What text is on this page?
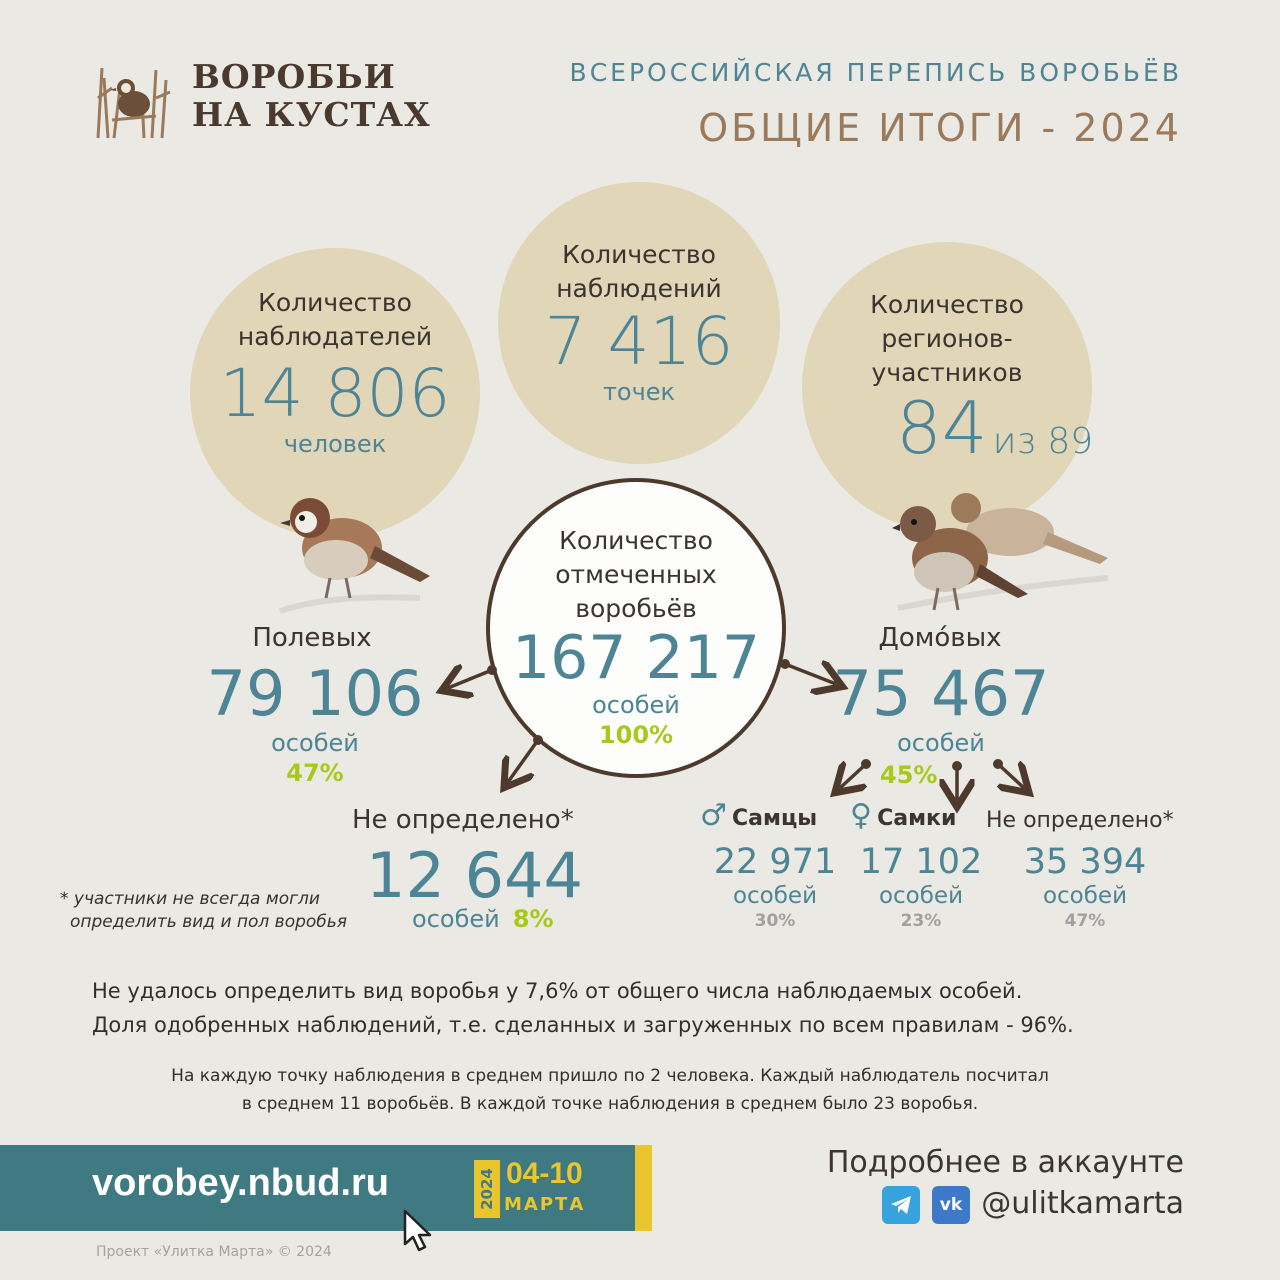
ВОРОБЬИ
НА КУСТАХ
ВСЕРОССИЙСКАЯ ПЕРЕПИСЬ ВОРОБЬЁВ
ОБЩИЕ ИТОГИ - 2024
Количество
наблюдателей
14 806
человек
Количество
наблюдений
7 416
точек
Количество
регионов-
участников
84 из 89
Количество
отмеченных
воробьёв
167 217
особей
100%
Полевых
79 106
особей
47%
Домо́вых
75 467
особей
45%
Не определено*
12 644
особей 8%
* участники не всегда могли
определить вид и пол воробья
♂ Самцы ♀ Самки Не определено*
22 971
особей
30%
17 102
особей
23%
35 394
особей
47%
Не удалось определить вид воробья у 7,6% от общего числа наблюдаемых особей.
Доля одобренных наблюдений, т.е. сделанных и загруженных по всем правилам - 96%.
На каждую точку наблюдения в среднем пришло по 2 человека. Каждый наблюдатель посчитал
в среднем 11 воробьёв. В каждой точке наблюдения в среднем было 23 воробья.
vorobey.nbud.ru	2024 04-10
МАРТА
Подробнее в аккаунте
vk @ulitkamarta
Проект «Улитка Марта» © 2024
